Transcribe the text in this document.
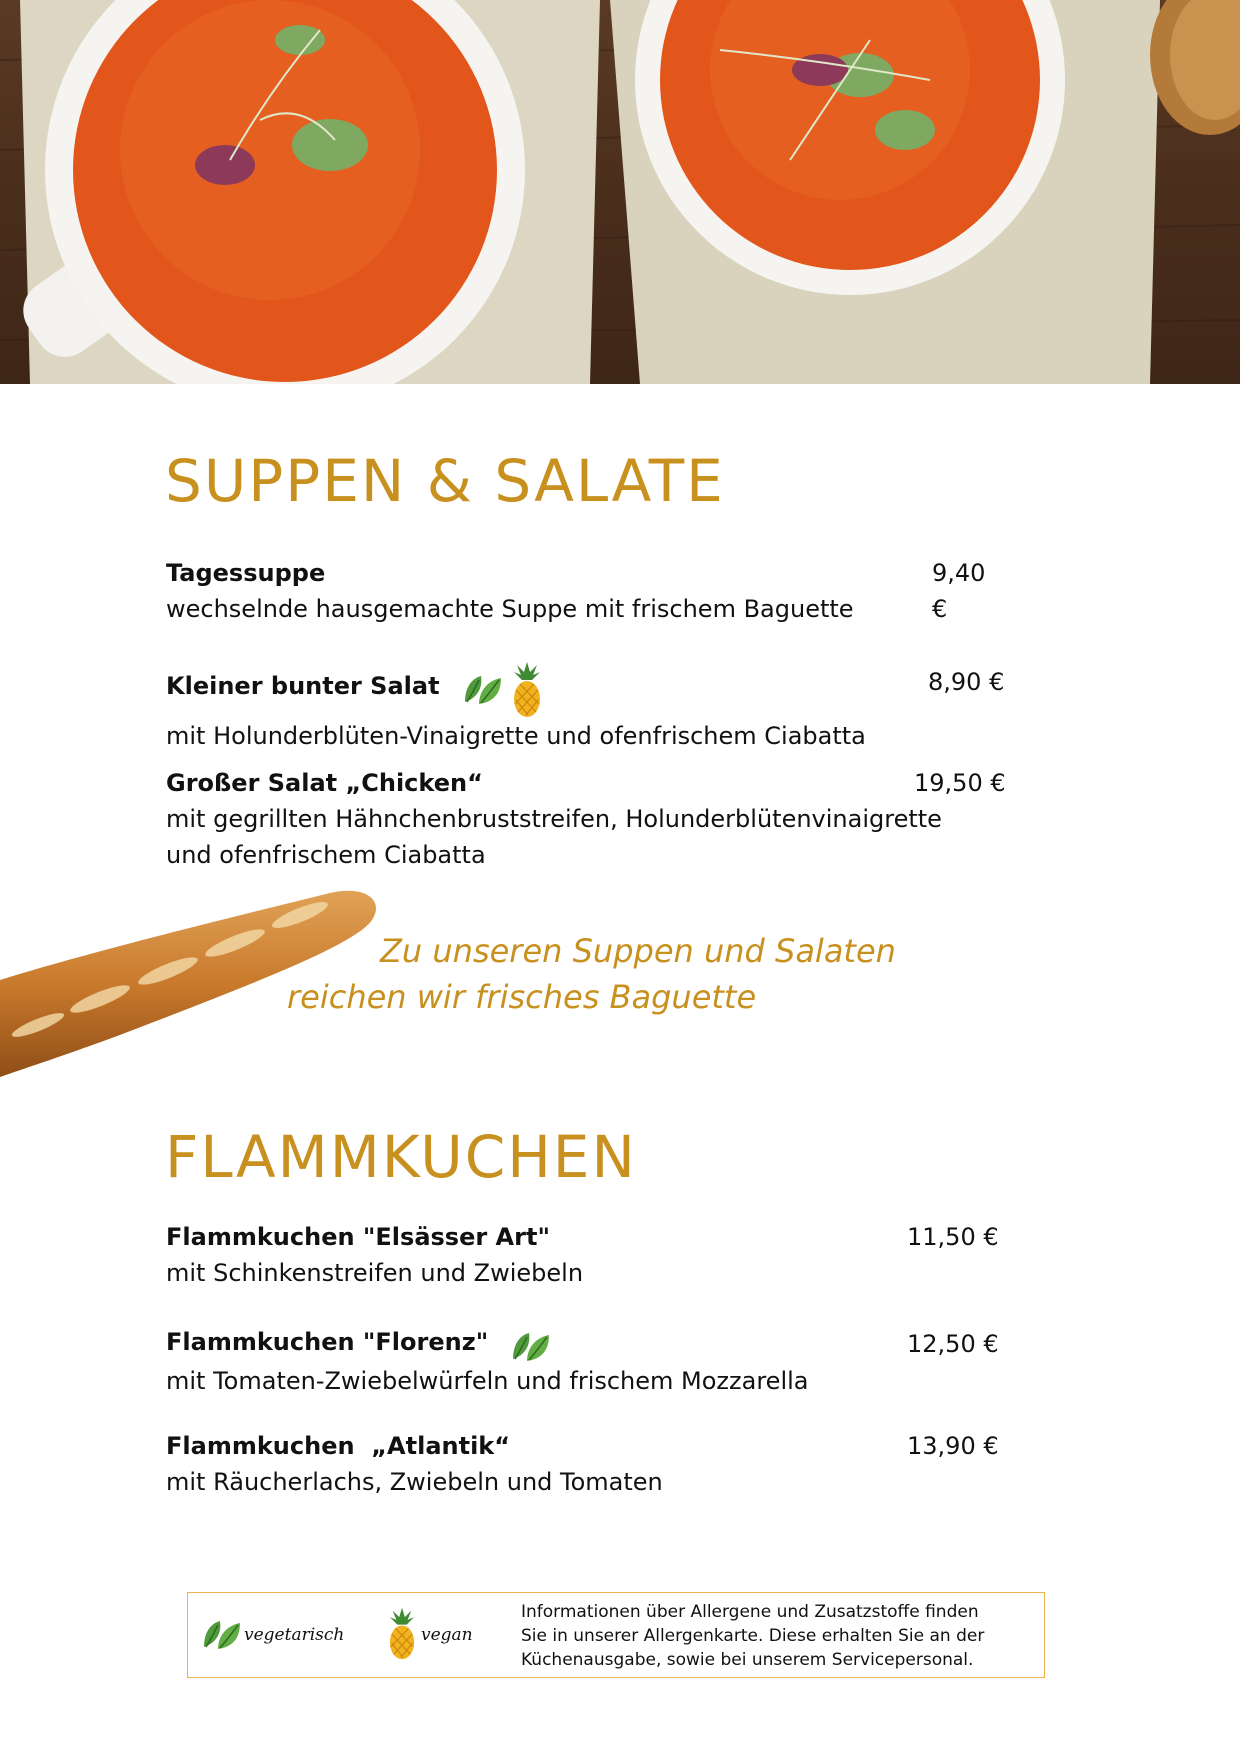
SUPPEN & SALATE
Tagessuppe
wechselnde hausgemachte Suppe mit frischem Baguette
9,40 €
Kleiner bunter Salat
mit Holunderblüten-Vinaigrette und ofenfrischem Ciabatta
8,90 €
Großer Salat „Chicken“
mit gegrillten Hähnchenbruststreifen, Holunderblütenvinaigrette
und ofenfrischem Ciabatta
19,50 €
Zu unseren Suppen und Salaten
reichen wir frisches Baguette
FLAMMKUCHEN
Flammkuchen "Elsässer Art"
mit Schinkenstreifen und Zwiebeln
11,50 €
Flammkuchen "Florenz"
mit Tomaten-Zwiebelwürfeln und frischem Mozzarella
12,50 €
Flammkuchen  „Atlantik“
mit Räucherlachs, Zwiebeln und Tomaten
13,90 €
vegetarisch	vegan
Informationen über Allergene und Zusatzstoffe finden
Sie in unserer Allergenkarte. Diese erhalten Sie an der
Küchenausgabe, sowie bei unserem Servicepersonal.
